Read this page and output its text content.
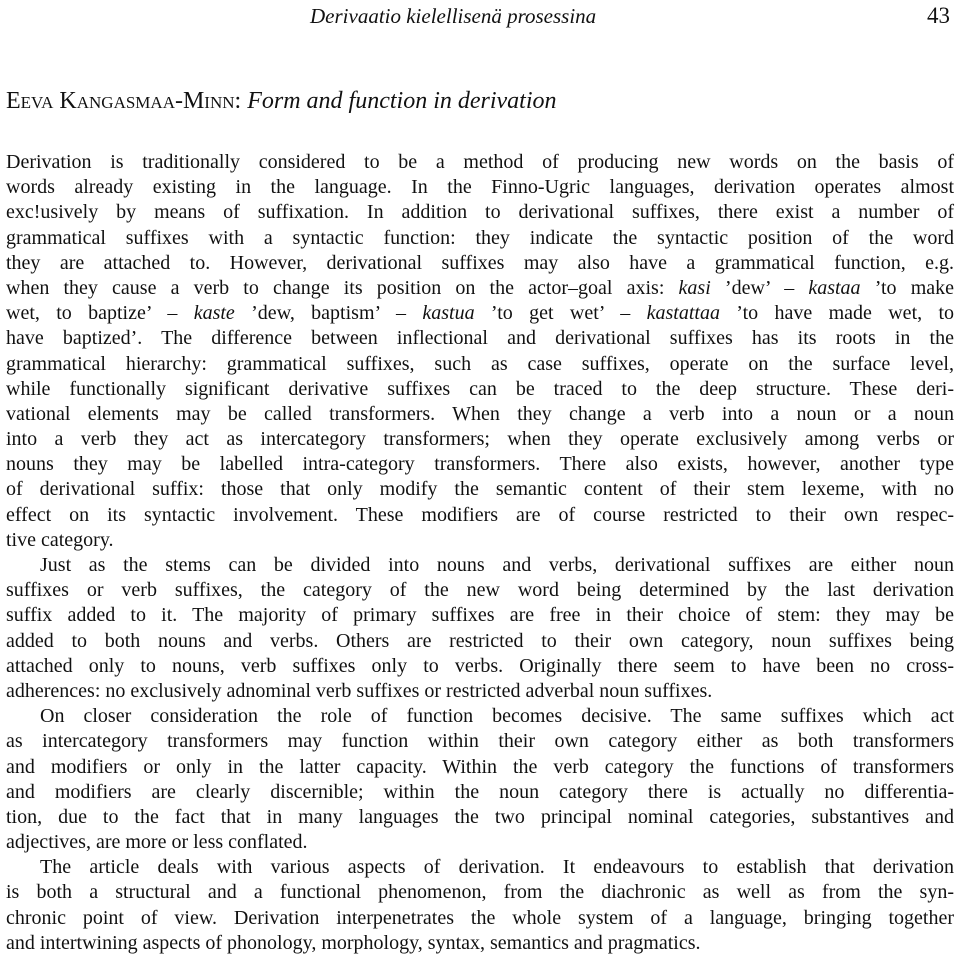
Derivaatio kielellisenä prosessina	43
Eeva Kangasmaa-Minn: Form and function in derivation
Derivation is traditionally considered to be a method of producing new words on the basis of
words already existing in the language. In the Finno-Ugric languages, derivation operates almost
exc!usively by means of suffixation. In addition to derivational suffixes, there exist a number of
grammatical suffixes with a syntactic function: they indicate the syntactic position of the word
they are attached to. However, derivational suffixes may also have a grammatical function, e.g.
when they cause a verb to change its position on the actor–goal axis: kasi ’dew’ – kastaa ’to make
wet, to baptize’ – kaste ’dew, baptism’ – kastua ’to get wet’ – kastattaa ’to have made wet, to
have baptized’. The difference between inflectional and derivational suffixes has its roots in the
grammatical hierarchy: grammatical suffixes, such as case suffixes, operate on the surface level,
while functionally significant derivative suffixes can be traced to the deep structure. These deri-
vational elements may be called transformers. When they change a verb into a noun or a noun
into a verb they act as intercategory transformers; when they operate exclusively among verbs or
nouns they may be labelled intra-category transformers. There also exists, however, another type
of derivational suffix: those that only modify the semantic content of their stem lexeme, with no
effect on its syntactic involvement. These modifiers are of course restricted to their own respec-
tive category.
Just as the stems can be divided into nouns and verbs, derivational suffixes are either noun
suffixes or verb suffixes, the category of the new word being determined by the last derivation
suffix added to it. The majority of primary suffixes are free in their choice of stem: they may be
added to both nouns and verbs. Others are restricted to their own category, noun suffixes being
attached only to nouns, verb suffixes only to verbs. Originally there seem to have been no cross-
adherences: no exclusively adnominal verb suffixes or restricted adverbal noun suffixes.
On closer consideration the role of function becomes decisive. The same suffixes which act
as intercategory transformers may function within their own category either as both transformers
and modifiers or only in the latter capacity. Within the verb category the functions of transformers
and modifiers are clearly discernible; within the noun category there is actually no differentia-
tion, due to the fact that in many languages the two principal nominal categories, substantives and
adjectives, are more or less conflated.
The article deals with various aspects of derivation. It endeavours to establish that derivation
is both a structural and a functional phenomenon, from the diachronic as well as from the syn-
chronic point of view. Derivation interpenetrates the whole system of a language, bringing together
and intertwining aspects of phonology, morphology, syntax, semantics and pragmatics.
